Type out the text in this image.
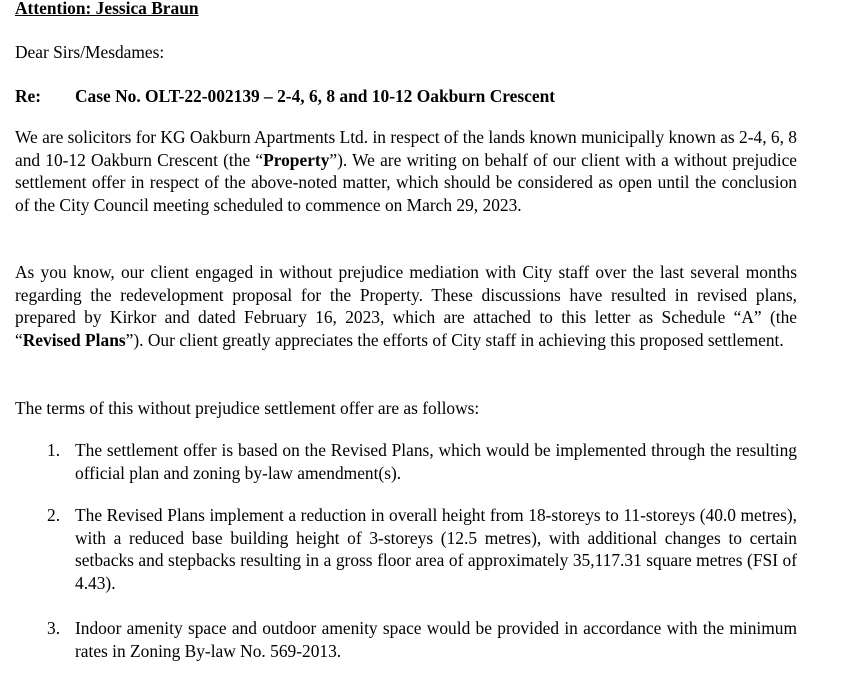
Attention: Jessica Braun
Dear Sirs/Mesdames:
Re: Case No. OLT-22-002139 – 2-4, 6, 8 and 10-12 Oakburn Crescent

We are solicitors for KG Oakburn Apartments Ltd. in respect of the lands known municipally known as 2-4, 6, 8 and 10-12 Oakburn Crescent (the “Property”). We are writing on behalf of our client with a without prejudice settlement offer in respect of the above-noted matter, which should be considered as open until the conclusion of the City Council meeting scheduled to commence on March 29, 2023.

As you know, our client engaged in without prejudice mediation with City staff over the last several months regarding the redevelopment proposal for the Property. These discussions have resulted in revised plans, prepared by Kirkor and dated February 16, 2023, which are attached to this letter as Schedule “A” (the “Revised Plans”). Our client greatly appreciates the efforts of City staff in achieving this proposed settlement.

The terms of this without prejudice settlement offer are as follows:

1. The settlement offer is based on the Revised Plans, which would be implemented through the resulting official plan and zoning by-law amendment(s).
2. The Revised Plans implement a reduction in overall height from 18-storeys to 11-storeys (40.0 metres), with a reduced base building height of 3-storeys (12.5 metres), with additional changes to certain setbacks and stepbacks resulting in a gross floor area of approximately 35,117.31 square metres (FSI of 4.43).
3. Indoor amenity space and outdoor amenity space would be provided in accordance with the minimum rates in Zoning By-law No. 569-2013.
